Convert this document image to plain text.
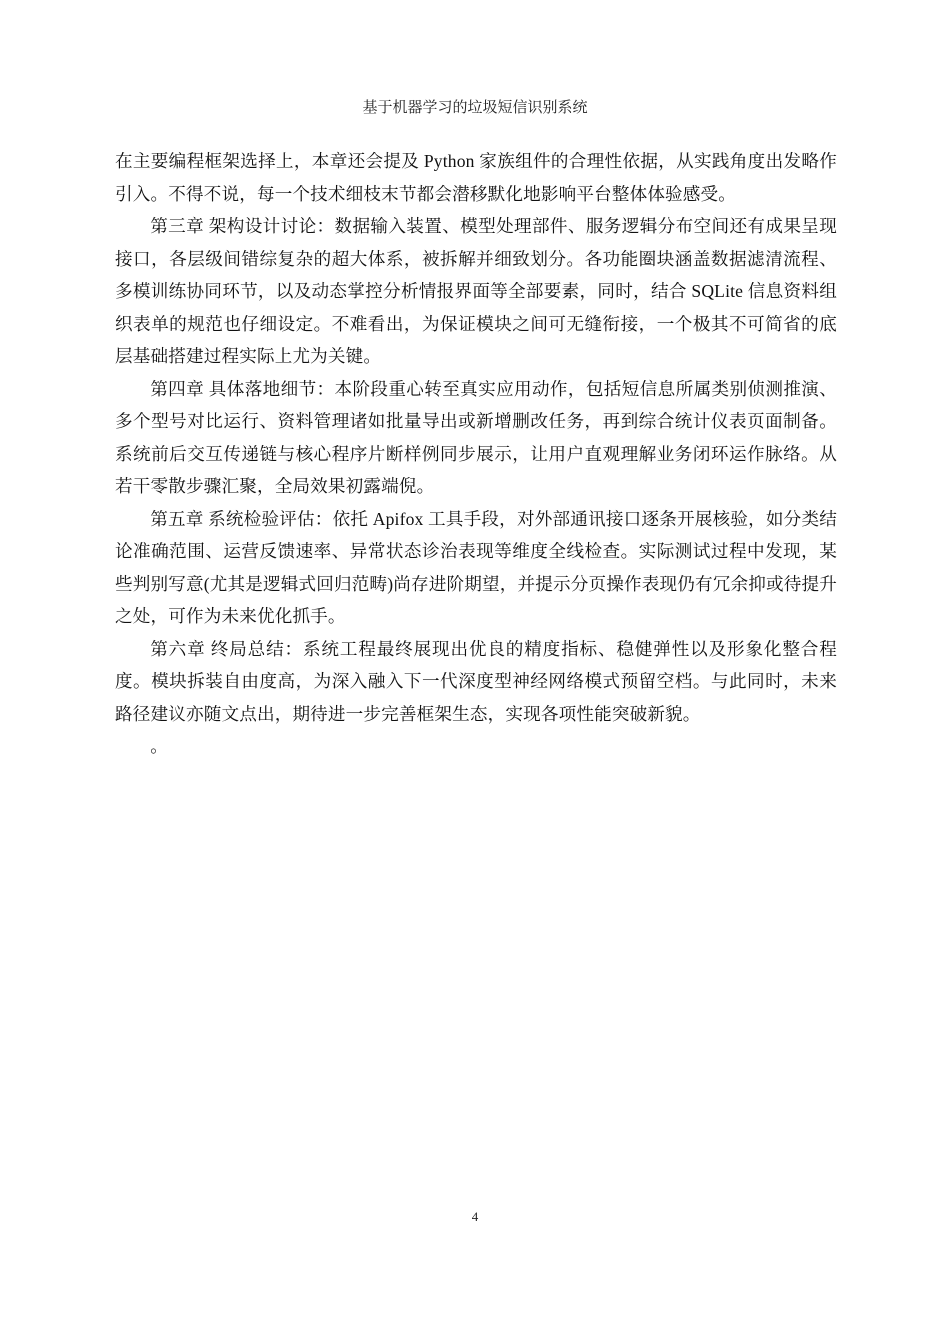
基于机器学习的垃圾短信识别系统

在主要编程框架选择上，本章还会提及 Python 家族组件的合理性依据，从实践角度出发略作引入。不得不说，每一个技术细枝末节都会潜移默化地影响平台整体体验感受。

第三章 架构设计讨论：数据输入装置、模型处理部件、服务逻辑分布空间还有成果呈现接口，各层级间错综复杂的超大体系，被拆解并细致划分。各功能圈块涵盖数据滤清流程、多模训练协同环节，以及动态掌控分析情报界面等全部要素，同时，结合 SQLite 信息资料组织表单的规范也仔细设定。不难看出，为保证模块之间可无缝衔接，一个极其不可简省的底层基础搭建过程实际上尤为关键。

第四章 具体落地细节：本阶段重心转至真实应用动作，包括短信息所属类别侦测推演、多个型号对比运行、资料管理诸如批量导出或新增删改任务，再到综合统计仪表页面制备。系统前后交互传递链与核心程序片断样例同步展示，让用户直观理解业务闭环运作脉络。从若干零散步骤汇聚，全局效果初露端倪。

第五章 系统检验评估：依托 Apifox 工具手段，对外部通讯接口逐条开展核验，如分类结论准确范围、运营反馈速率、异常状态诊治表现等维度全线检查。实际测试过程中发现，某些判别写意(尤其是逻辑式回归范畴)尚存进阶期望，并提示分页操作表现仍有冗余抑或待提升之处，可作为未来优化抓手。

第六章 终局总结：系统工程最终展现出优良的精度指标、稳健弹性以及形象化整合程度。模块拆装自由度高，为深入融入下一代深度型神经网络模式预留空档。与此同时，未来路径建议亦随文点出，期待进一步完善框架生态，实现各项性能突破新貌。

。

4
